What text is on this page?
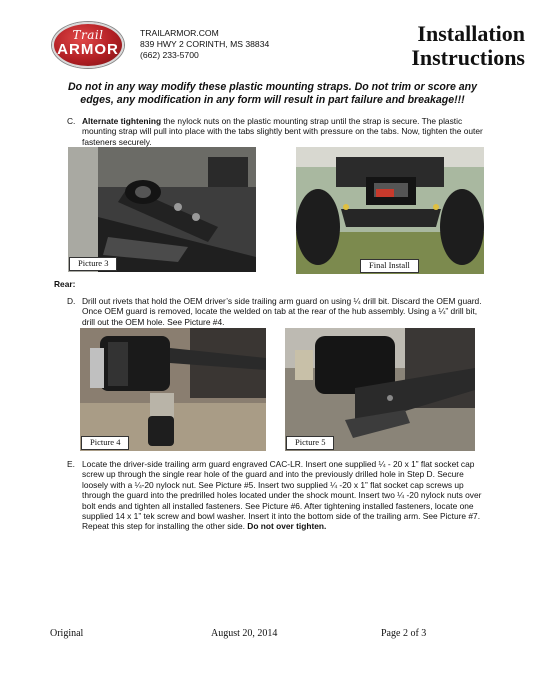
Trail
ARMOR
TRAILARMOR.COM
839 HWY 2 CORINTH, MS 38834
(662) 233-5700
Installation
Instructions
Do not in any way modify these plastic mounting straps. Do not trim or score any edges, any modification in any form will result in part failure and breakage!!!
C. Alternate tightening the nylock nuts on the plastic mounting strap until the strap is secure. The plastic mounting strap will pull into place with the tabs slightly bent with pressure on the tabs. Now, tighten the outer fasteners securely.
Picture 3	Final Install
Rear:
D. Drill out rivets that hold the OEM driver’s side trailing arm guard on using ¼ drill bit. Discard the OEM guard. Once OEM guard is removed, locate the welded on tab at the rear of the hub assembly. Using a ¼” drill bit, drill out the OEM hole. See Picture #4.
Picture 4	Picture 5
E. Locate the driver-side trailing arm guard engraved CAC-LR. Insert one supplied ¼ - 20 x 1” flat socket cap screw up through the single rear hole of the guard and into the previously drilled hole in Step D. Secure loosely with a ¼-20 nylock nut. See Picture #5. Insert two supplied ¼ -20 x 1” flat socket cap screws up through the guard into the predrilled holes located under the shock mount. Insert two ¼ -20 nylock nuts over bolt ends and tighten all installed fasteners. See Picture #6. After tightening installed fasteners, locate one supplied 14 x 1” tek screw and bowl washer. Insert it into the bottom side of the trailing arm. See Picture #7. Repeat this step for installing the other side. Do not over tighten.
Original	August 20, 2014	Page 2 of 3
